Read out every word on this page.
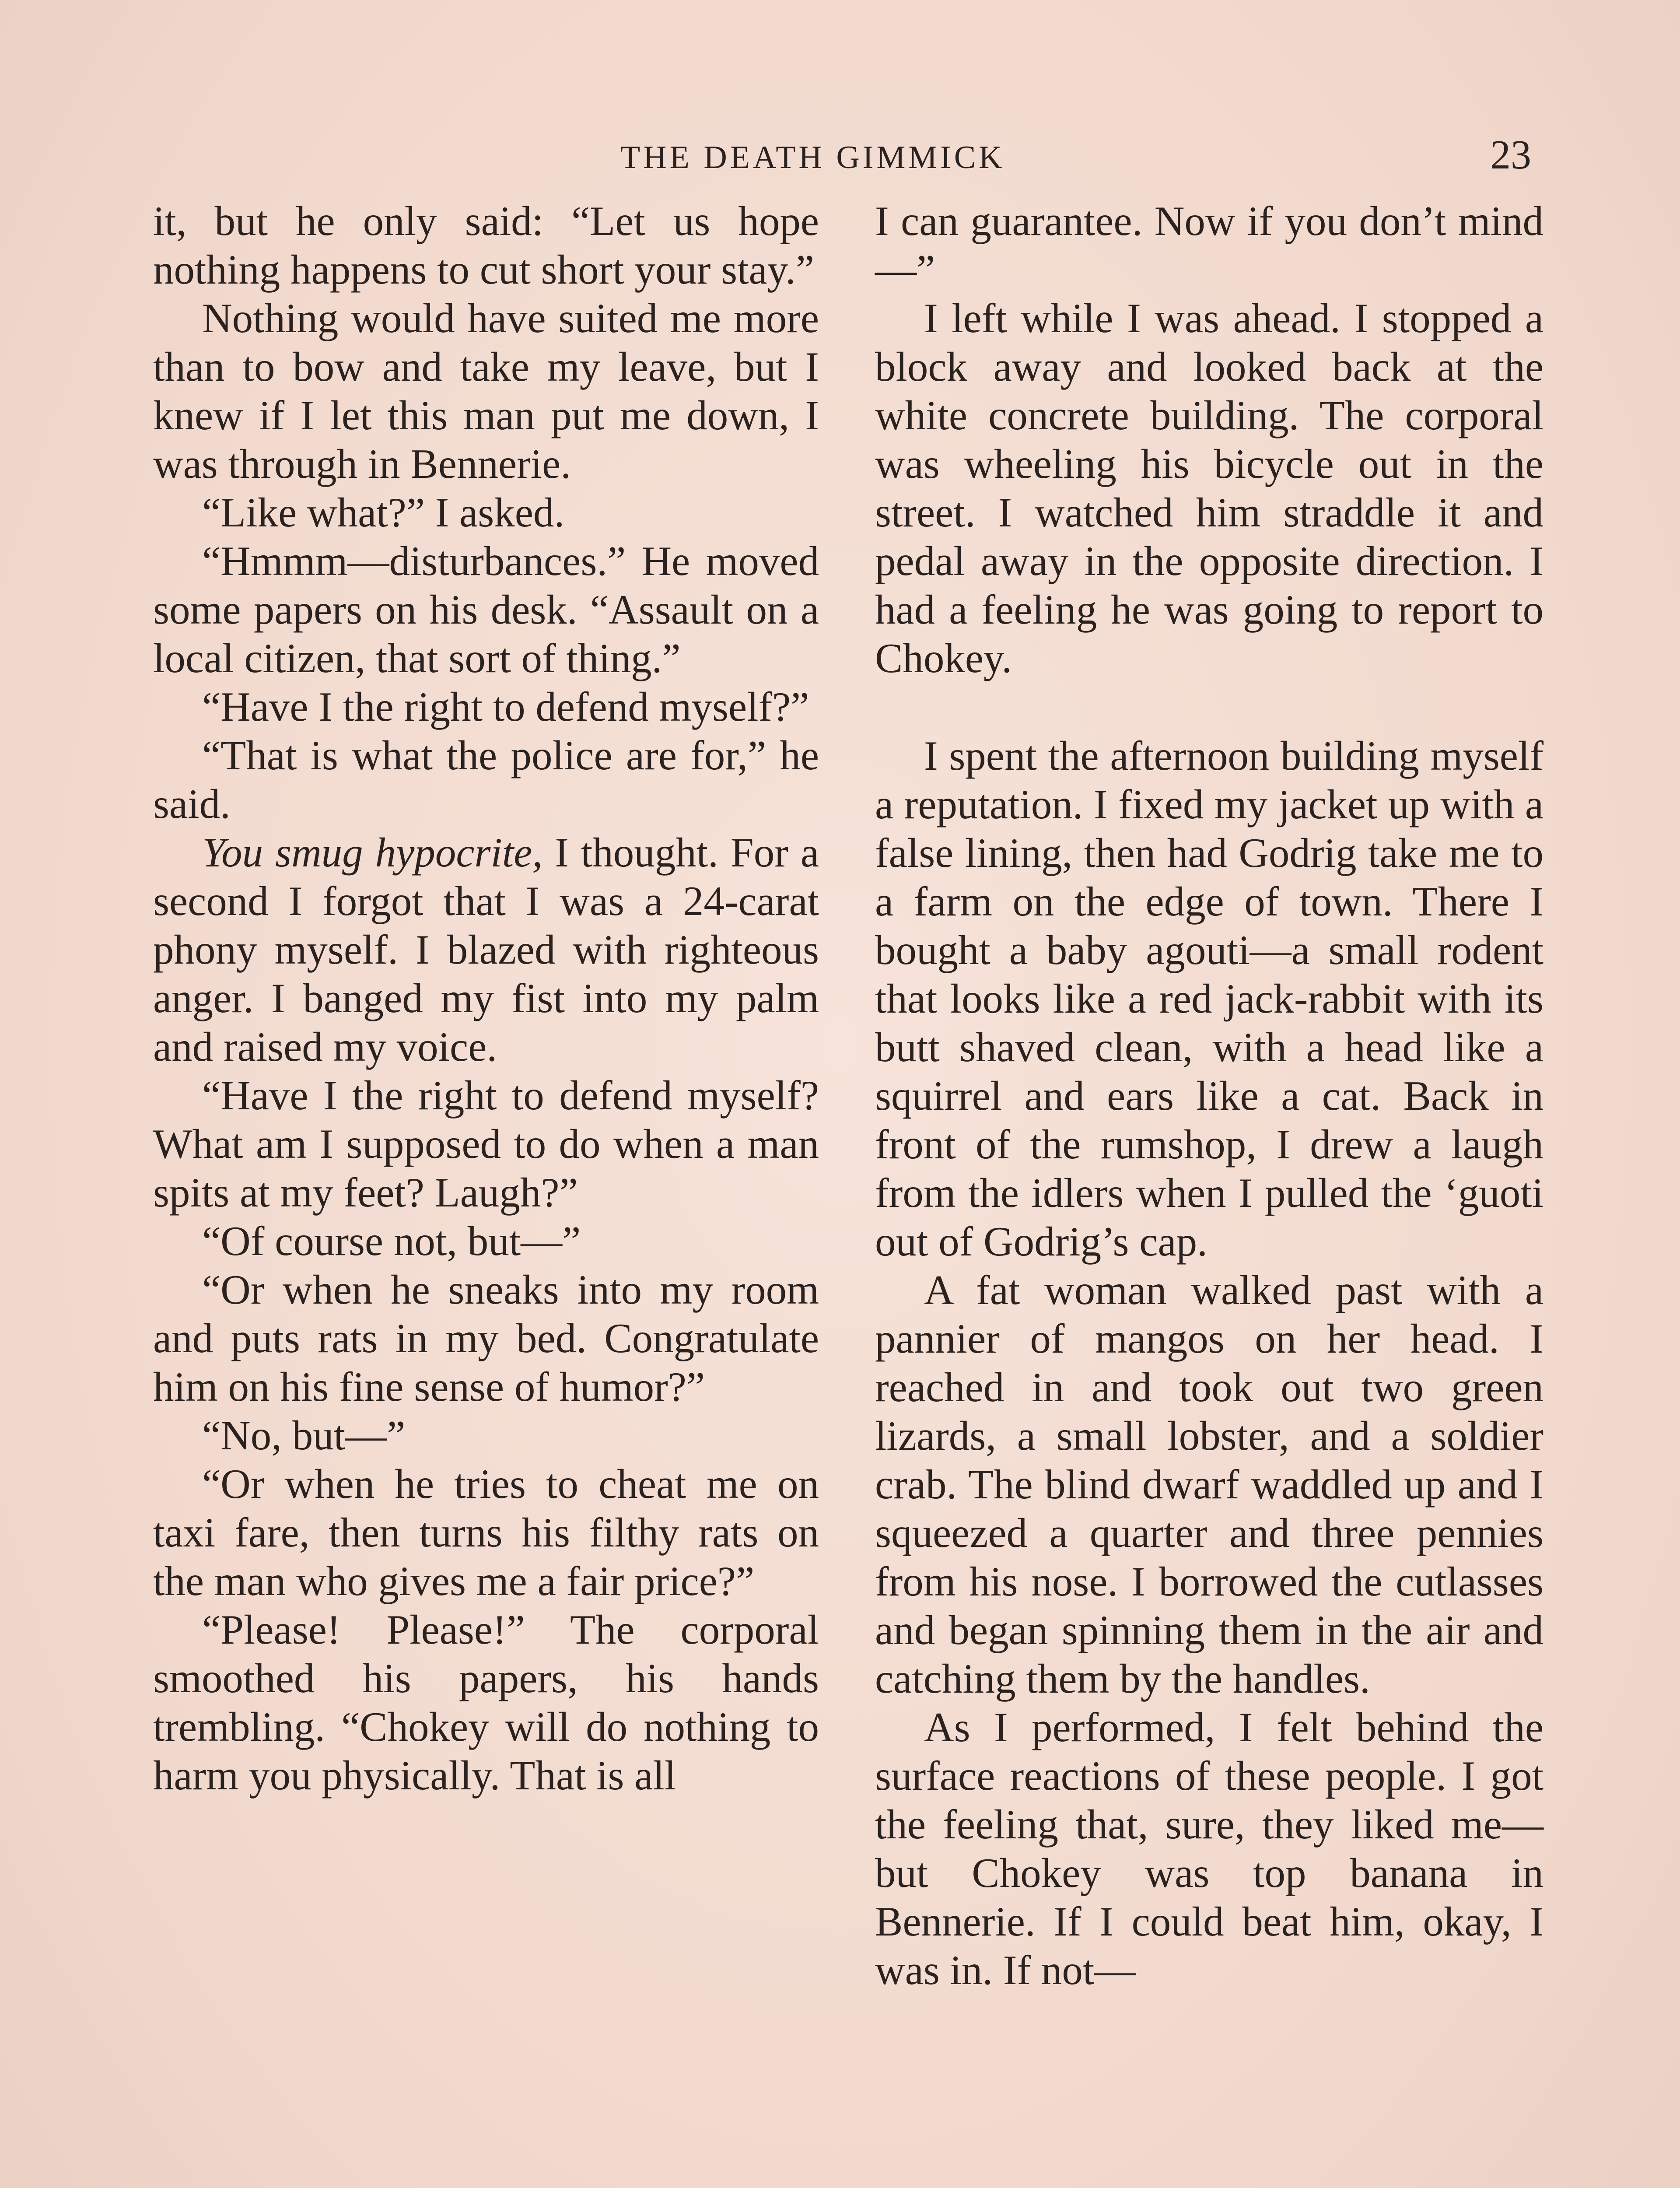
THE DEATH GIMMICK	23

it, but he only said: “Let us hope nothing happens to cut short your stay.”

Nothing would have suited me more than to bow and take my leave, but I knew if I let this man put me down, I was through in Bennerie.

“Like what?” I asked.

“Hmmm—disturbances.” He moved some papers on his desk. “Assault on a local citizen, that sort of thing.”

“Have I the right to defend myself?”

“That is what the police are for,” he said.

You smug hypocrite, I thought. For a second I forgot that I was a 24-carat phony myself. I blazed with righteous anger. I banged my fist into my palm and raised my voice.

“Have I the right to defend myself? What am I supposed to do when a man spits at my feet? Laugh?”

“Of course not, but—”

“Or when he sneaks into my room and puts rats in my bed. Congratulate him on his fine sense of humor?”

“No, but—”

“Or when he tries to cheat me on taxi fare, then turns his filthy rats on the man who gives me a fair price?”

“Please! Please!” The corporal smoothed his papers, his hands trembling. “Chokey will do nothing to harm you physically. That is all

I can guarantee. Now if you don’t mind—”

I left while I was ahead. I stopped a block away and looked back at the white concrete building. The corporal was wheeling his bicycle out in the street. I watched him straddle it and pedal away in the opposite direction. I had a feeling he was going to report to Chokey.

I spent the afternoon building myself a reputation. I fixed my jacket up with a false lining, then had Godrig take me to a farm on the edge of town. There I bought a baby agouti—a small rodent that looks like a red jack-rabbit with its butt shaved clean, with a head like a squirrel and ears like a cat. Back in front of the rumshop, I drew a laugh from the idlers when I pulled the ‘guoti out of Godrig’s cap.

A fat woman walked past with a pannier of mangos on her head. I reached in and took out two green lizards, a small lobster, and a soldier crab. The blind dwarf waddled up and I squeezed a quarter and three pennies from his nose. I borrowed the cutlasses and began spinning them in the air and catching them by the handles.

As I performed, I felt behind the surface reactions of these people. I got the feeling that, sure, they liked me—but Chokey was top banana in Bennerie. If I could beat him, okay, I was in. If not—
